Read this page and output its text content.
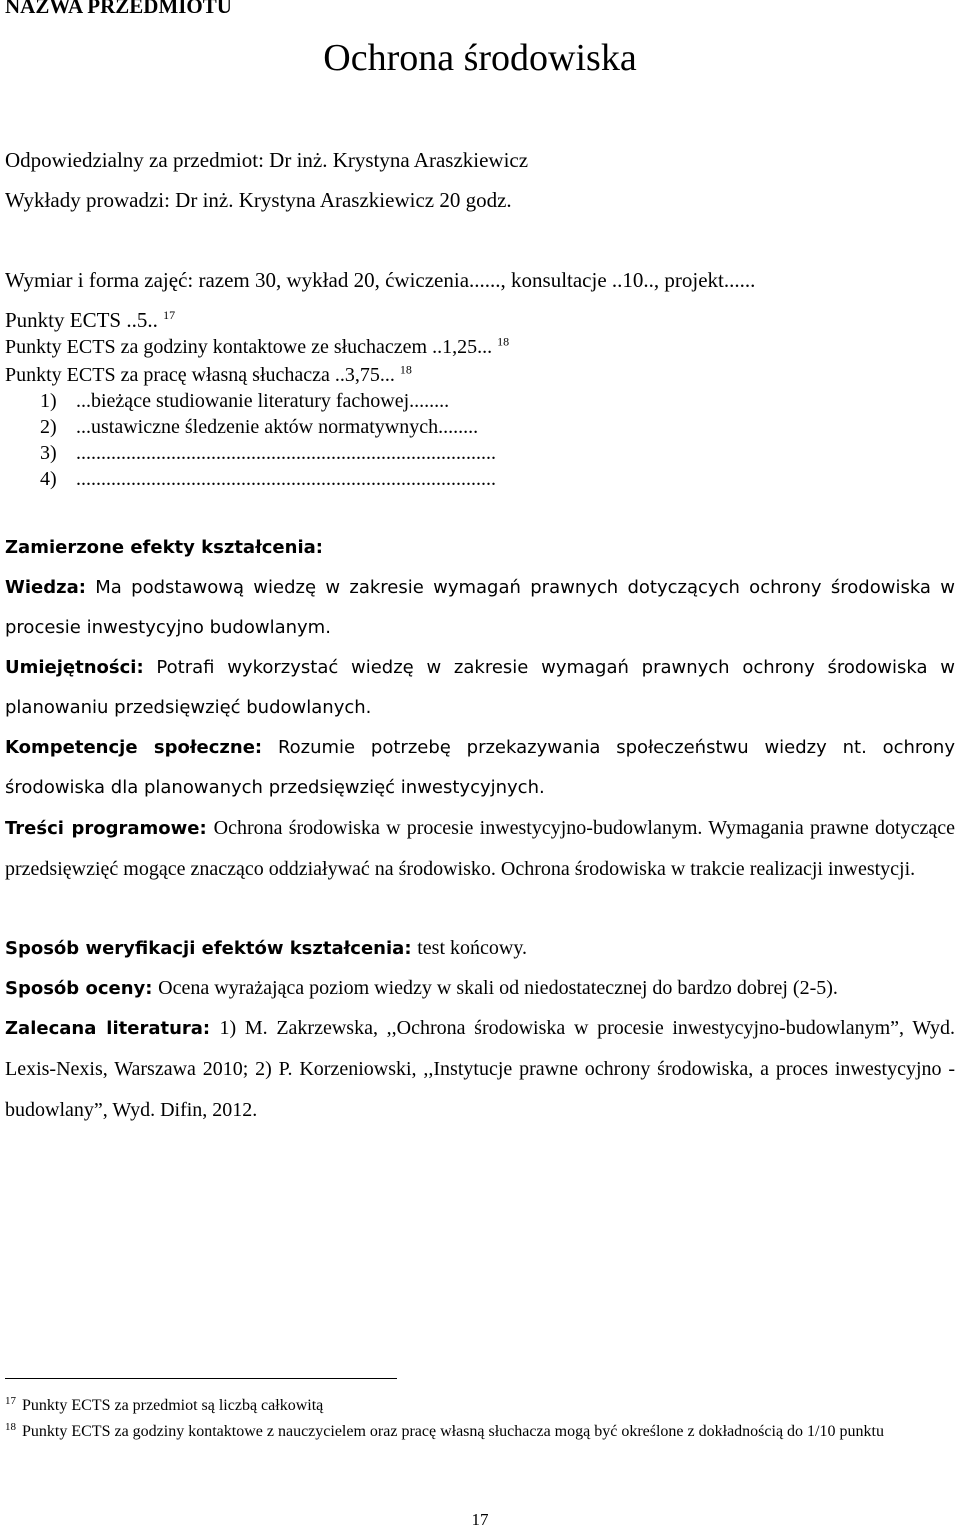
NAZWA PRZEDMIOTU

Ochrona środowiska

Odpowiedzialny za przedmiot: Dr inż. Krystyna Araszkiewicz

Wykłady prowadzi: Dr inż. Krystyna Araszkiewicz 20 godz.

Wymiar i forma zajęć: razem 30, wykład 20, ćwiczenia......, konsultacje ..10.., projekt......

Punkty ECTS ..5.. $^{17}$

Punkty ECTS za godziny kontaktowe ze słuchaczem ..1,25... $^{18}$

Punkty ECTS za pracę własną słuchacza ..3,75... $^{18}$

1) ...bieżące studiowanie literatury fachowej........

2) ...ustawiczne śledzenie aktów normatywnych........

3) ....................................................................................

4) ....................................................................................

Zamierzone efekty kształcenia:

Wiedza: Ma podstawową wiedzę w zakresie wymagań prawnych dotyczących ochrony środowiska w procesie inwestycyjno budowlanym.

Umiejętności: Potrafi wykorzystać wiedzę w zakresie wymagań prawnych ochrony środowiska w planowaniu przedsięwzięć budowlanych.

Kompetencje społeczne: Rozumie potrzebę przekazywania społeczeństwu wiedzy nt. ochrony środowiska dla planowanych przedsięwzięć inwestycyjnych.

Treści programowe: Ochrona środowiska w procesie inwestycyjno-budowlanym. Wymagania prawne dotyczące przedsięwzięć mogące znacząco oddziaływać na środowisko. Ochrona środowiska w trakcie realizacji inwestycji.

Sposób weryfikacji efektów kształcenia: test końcowy.

Sposób oceny: Ocena wyrażająca poziom wiedzy w skali od niedostatecznej do bardzo dobrej (2-5).

Zalecana literatura: 1) M. Zakrzewska, ,,Ochrona środowiska w procesie inwestycyjno-budowlanym”, Wyd. Lexis-Nexis, Warszawa 2010; 2) P. Korzeniowski, ,,Instytucje prawne ochrony środowiska, a proces inwestycyjno - budowlany”, Wyd. Difin, 2012.

$^{17}$ Punkty ECTS za przedmiot są liczbą całkowitą

$^{18}$ Punkty ECTS za godziny kontaktowe z nauczycielem oraz pracę własną słuchacza mogą być określone z dokładnością do 1/10 punktu

17
